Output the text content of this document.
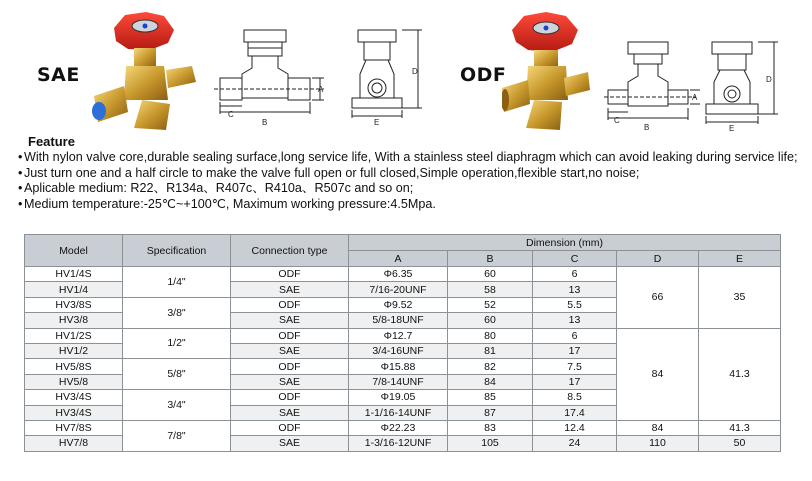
SAE
A
B
C
D
E
ODF
A
B
C
D
E
Feature
• With nylon valve core,durable sealing surface,long service life, With a stainless steel diaphragm which can avoid leaking during service life;
• Just turn one and a half circle to make the valve full open or full closed,Simple operation,flexible start,no noise;
• Aplicable medium: R22、R134a、R407c、R410a、R507c and so on;
• Medium temperature:-25℃~+100℃, Maximum working pressure:4.5Mpa.
Model	Specification	Connection type	Dimension (mm)				
			A	B	C	D	E
HV1/4S	1/4"	ODF	Φ6.35	60	6	66	35
HV1/4		SAE	7/16-20UNF	58	13		
HV3/8S	3/8"	ODF	Φ9.52	52	5.5		
HV3/8		SAE	5/8-18UNF	60	13		
HV1/2S	1/2"	ODF	Φ12.7	80	6	84	41.3
HV1/2		SAE	3/4-16UNF	81	17		
HV5/8S	5/8"	ODF	Φ15.88	82	7.5		
HV5/8		SAE	7/8-14UNF	84	17		
HV3/4S	3/4"	ODF	Φ19.05	85	8.5		
HV3/4S		SAE	1-1/16-14UNF	87	17.4		
HV7/8S	7/8"	ODF	Φ22.23	83	12.4	84	41.3
HV7/8		SAE	1-3/16-12UNF	105	24	110	50
